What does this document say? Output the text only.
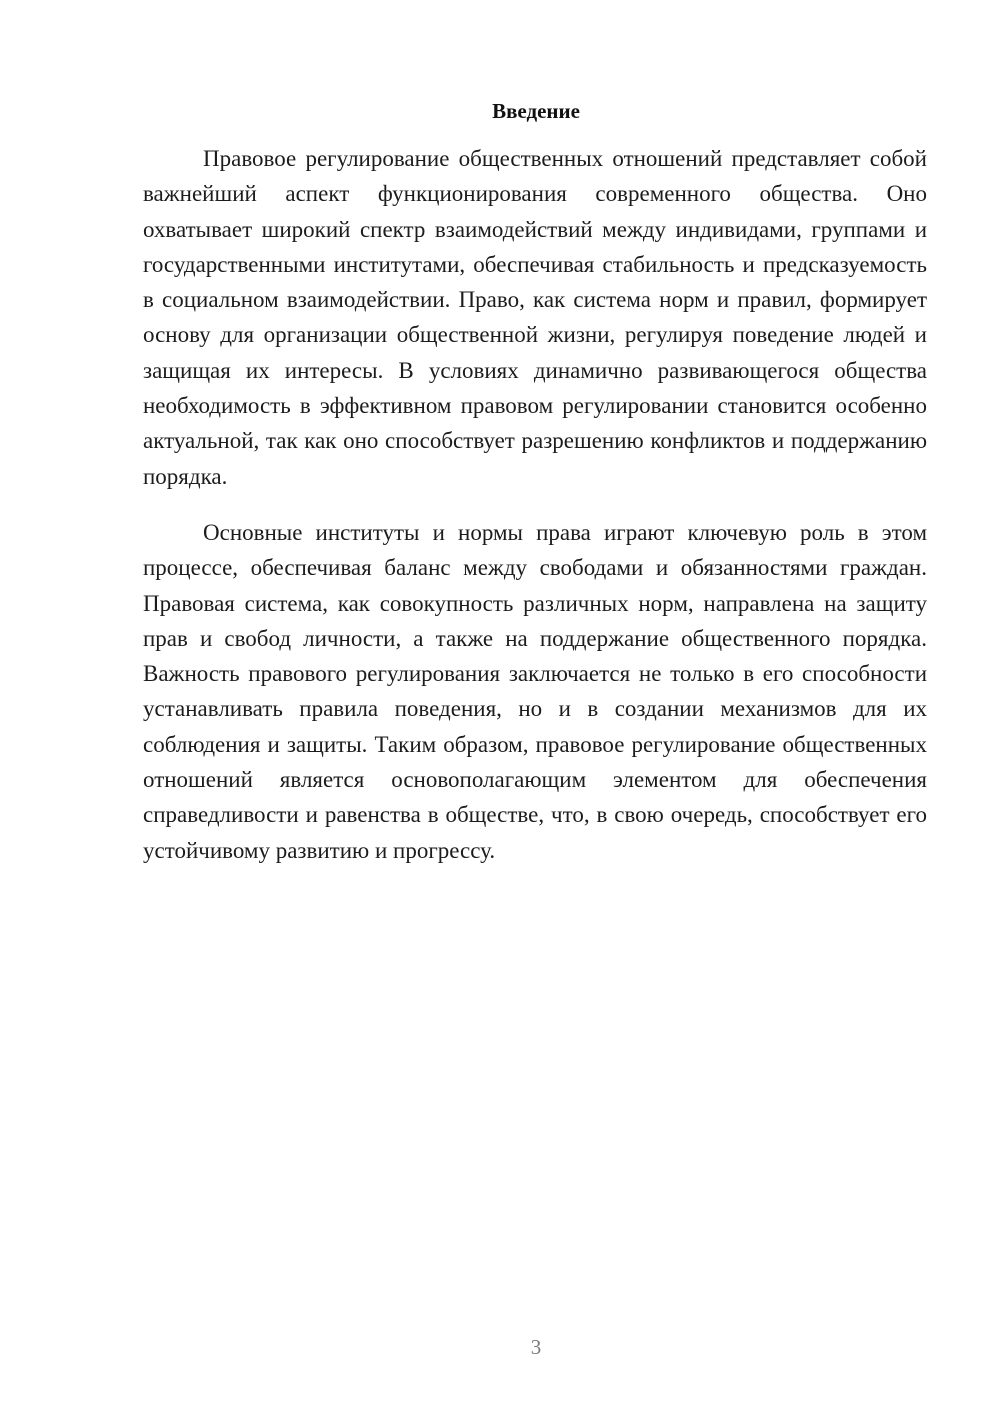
Введение

Правовое регулирование общественных отношений представляет собой важнейший аспект функционирования современного общества. Оно охватывает широкий спектр взаимодействий между индивидами, группами и государственными институтами, обеспечивая стабильность и предсказуемость в социальном взаимодействии. Право, как система норм и правил, формирует основу для организации общественной жизни, регулируя поведение людей и защищая их интересы. В условиях динамично развивающегося общества необходимость в эффективном правовом регулировании становится особенно актуальной, так как оно способствует разрешению конфликтов и поддержанию порядка.

Основные институты и нормы права играют ключевую роль в этом процессе, обеспечивая баланс между свободами и обязанностями граждан. Правовая система, как совокупность различных норм, направлена на защиту прав и свобод личности, а также на поддержание общественного порядка. Важность правового регулирования заключается не только в его способности устанавливать правила поведения, но и в создании механизмов для их соблюдения и защиты. Таким образом, правовое регулирование общественных отношений является основополагающим элементом для обеспечения справедливости и равенства в обществе, что, в свою очередь, способствует его устойчивому развитию и прогрессу.

3
